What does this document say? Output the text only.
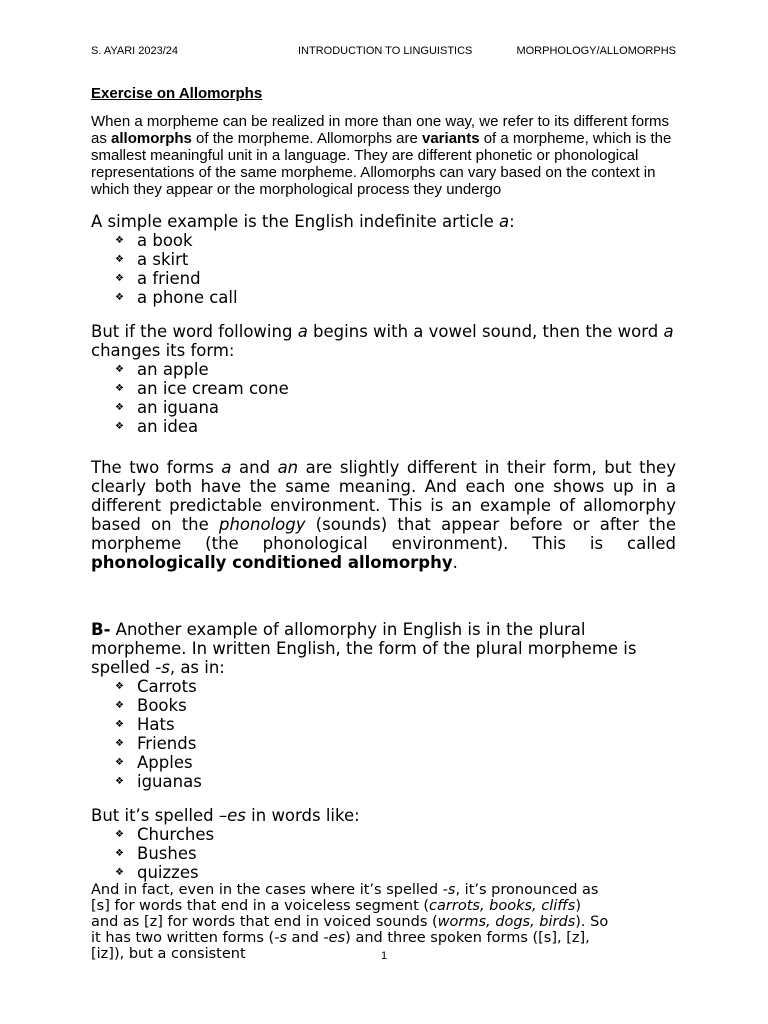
S. AYARI 2023/24	INTRODUCTION TO LINGUISTICS	MORPHOLOGY/ALLOMORPHS

Exercise on Allomorphs

When a morpheme can be realized in more than one way, we refer to its different forms as allomorphs of the morpheme. Allomorphs are variants of a morpheme, which is the smallest meaningful unit in a language. They are different phonetic or phonological representations of the same morpheme. Allomorphs can vary based on the context in which they appear or the morphological process they undergo

A simple example is the English indefinite article a:

❖ a book
❖ a skirt
❖ a friend
❖ a phone call

But if the word following a begins with a vowel sound, then the word a changes its form:

❖ an apple
❖ an ice cream cone
❖ an iguana
❖ an idea

The two forms a and an are slightly different in their form, but they clearly both have the same meaning. And each one shows up in a different predictable environment. This is an example of allomorphy based on the phonology (sounds) that appear before or after the morpheme (the phonological environment). This is called phonologically conditioned allomorphy.

B- Another example of allomorphy in English is in the plural morpheme. In written English, the form of the plural morpheme is spelled -s, as in:

❖ Carrots
❖ Books
❖ Hats
❖ Friends
❖ Apples
❖ iguanas

But it’s spelled –es in words like:

❖ Churches
❖ Bushes
❖ quizzes

And in fact, even in the cases where it’s spelled -s, it’s pronounced as [s] for words that end in a voiceless segment (carrots, books, cliffs) and as [z] for words that end in voiced sounds (worms, dogs, birds). So it has two written forms (-s and -es) and three spoken forms ([s], [z], [iz]), but a consistent	1
